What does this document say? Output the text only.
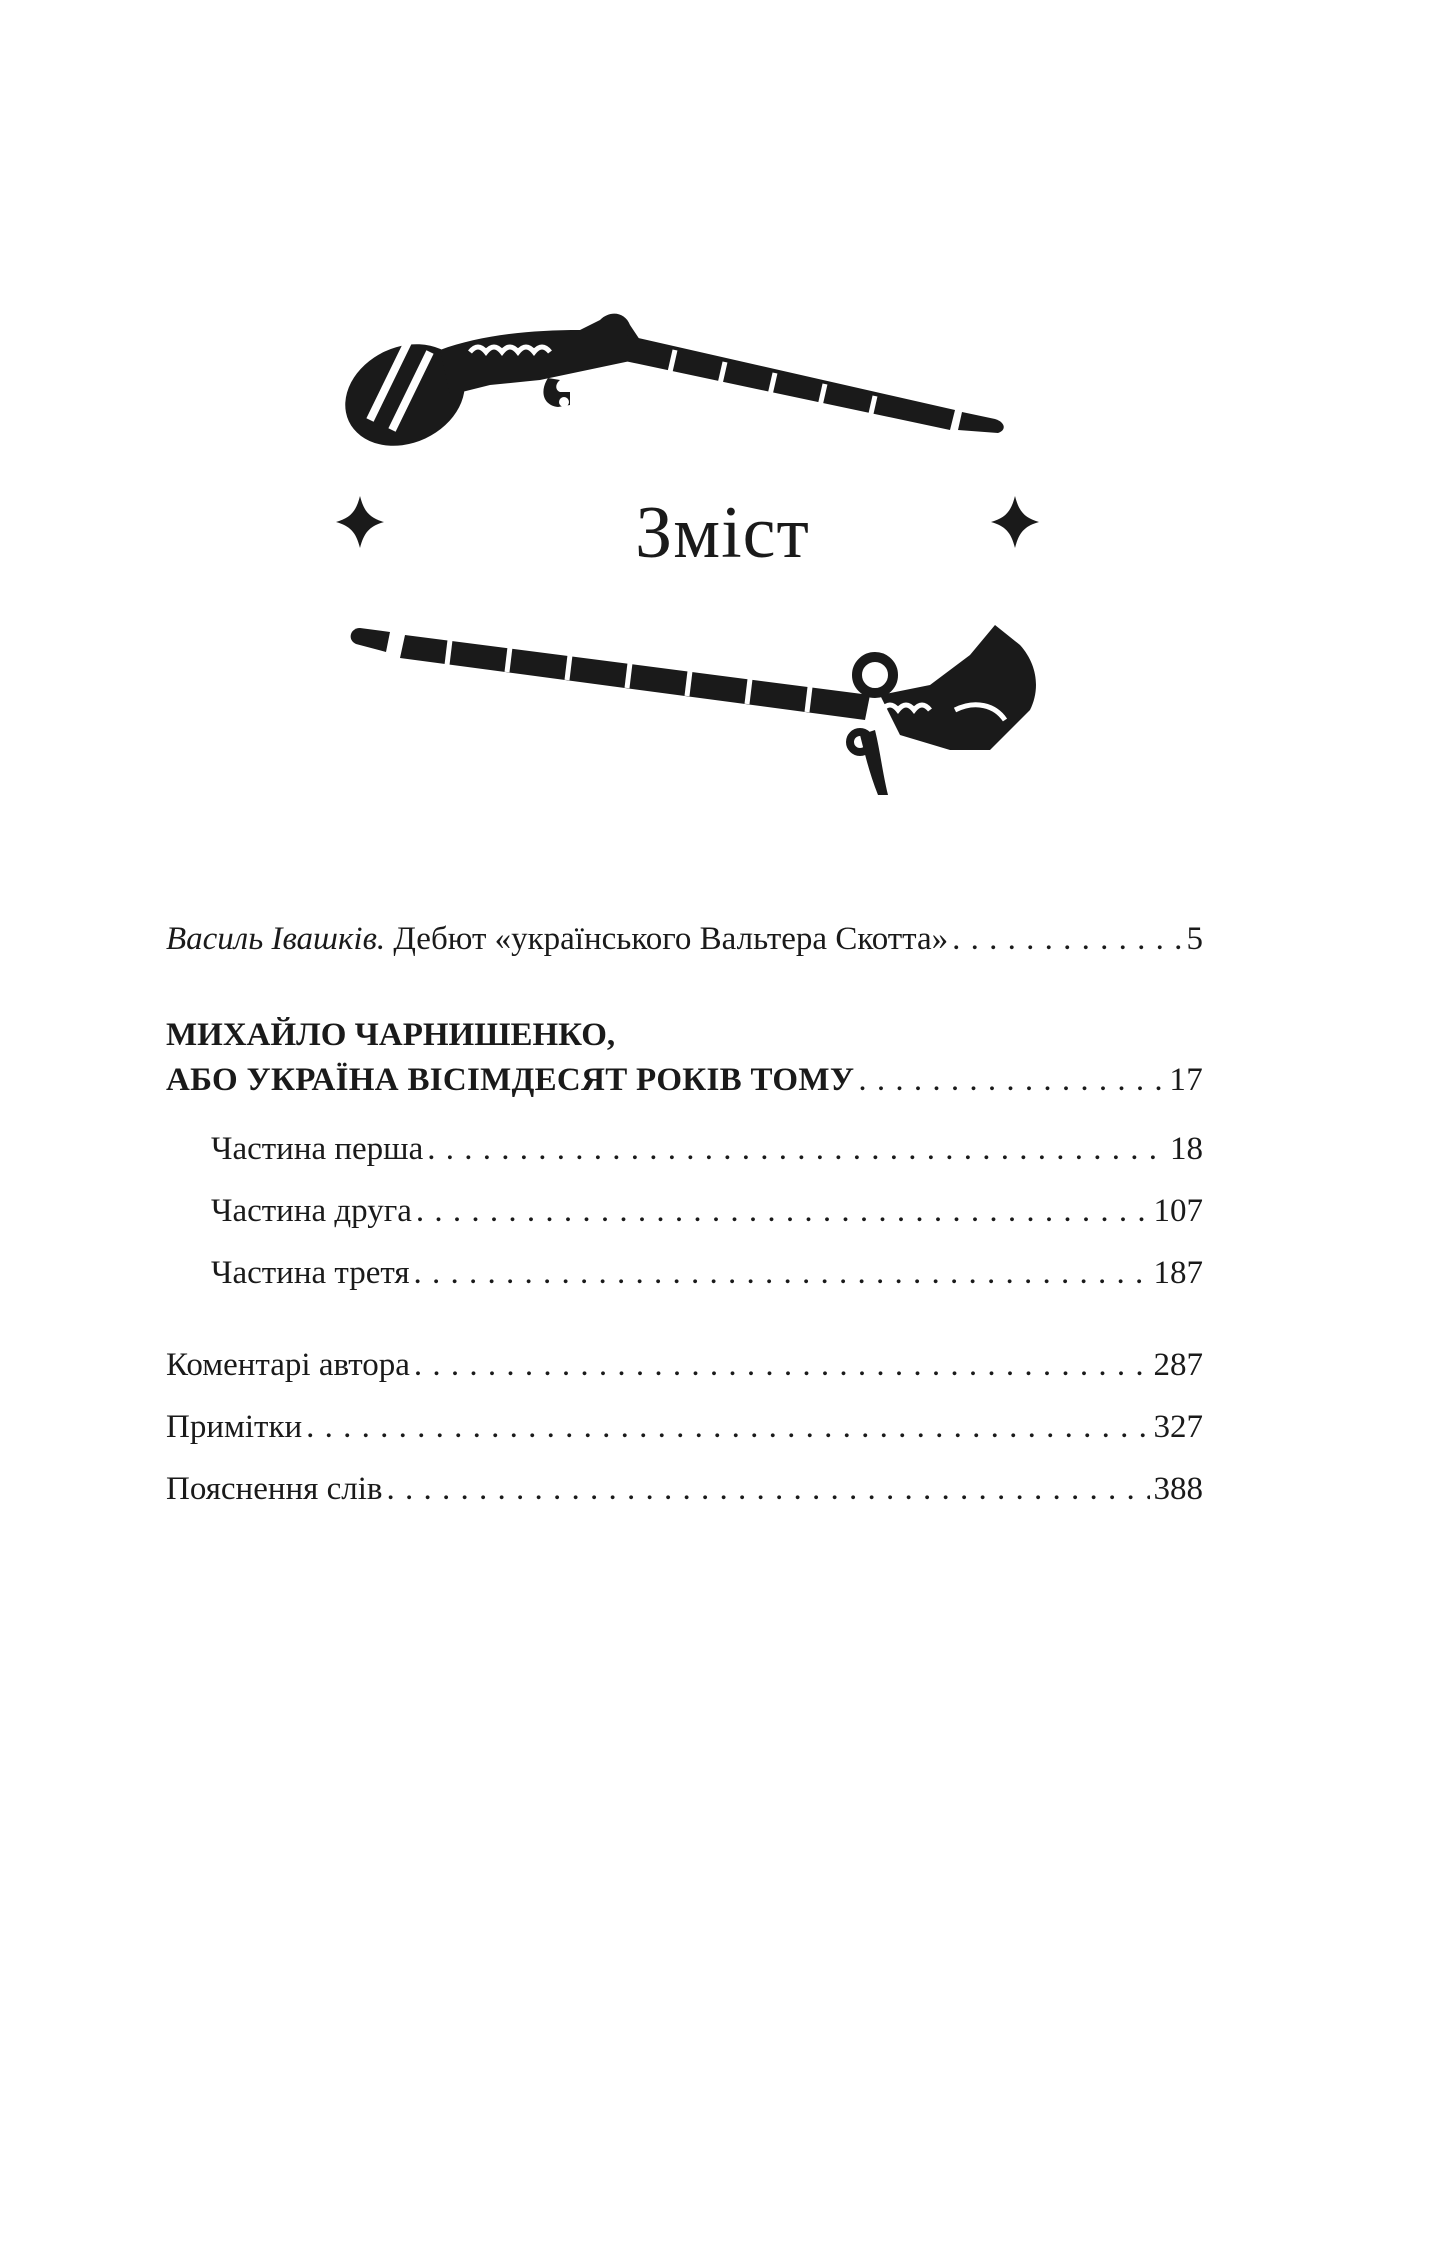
Зміст
Василь Івашків. Дебют «українського Вальтера Скотта» . . .	5
МИХАЙЛО ЧАРНИШЕНКО,
АБО УКРАЇНА ВІСІМДЕСЯТ РОКІВ ТОМУ . . .	17
Частина перша . . .	18
Частина друга . . .	107
Частина третя . . .	187
Коментарі автора . . .	287
Примітки . . .	327
Пояснення слів . . .	388
